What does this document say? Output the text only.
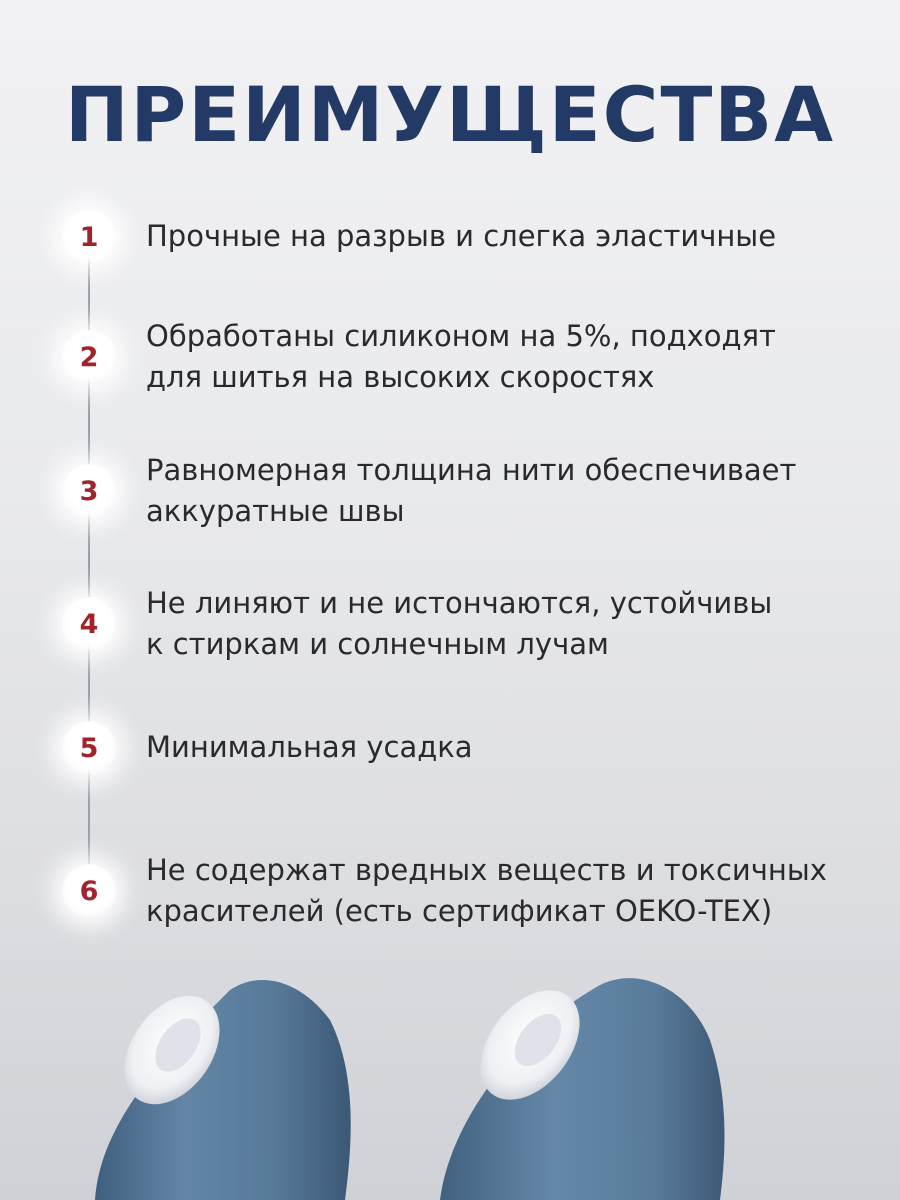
ПРЕИМУЩЕСТВА
1	Прочные на разрыв и слегка эластичные
2
Обработаны силиконом на 5%, подходят
для шитья на высоких скоростях
3
Равномерная толщина нити обеспечивает
аккуратные швы
4
Не линяют и не истончаются, устойчивы
к стиркам и солнечным лучам
5	Минимальная усадка
6
Не содержат вредных веществ и токсичных
красителей (есть сертификат OEKO-TEX)
